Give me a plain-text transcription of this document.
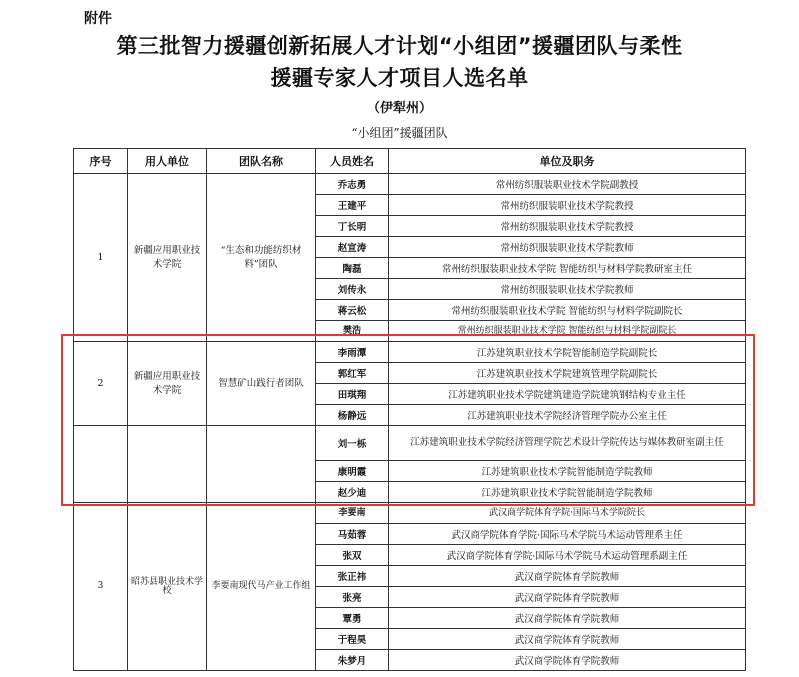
附件
第三批智力援疆创新拓展人才计划“小组团”援疆团队与柔性
援疆专家人才项目人选名单
（伊犁州）
“小组团”援疆团队
序号	用人单位	团队名称	人员姓名	单位及职务
1	新疆应用职业技术学院	“生态和功能纺织材料”团队	乔志勇	常州纺织服装职业技术学院副教授
			王建平	常州纺织服装职业技术学院教授
			丁长明	常州纺织服装职业技术学院教授
			赵宣涛	常州纺织服装职业技术学院教师
			陶磊	常州纺织服装职业技术学院 智能纺织与材料学院教研室主任
			刘传永	常州纺织服装职业技术学院教师
			蒋云松	常州纺织服装职业技术学院 智能纺织与材料学院副院长
			樊浩	常州纺织服装职业技术学院 智能纺织与材料学院副院长
2	新疆应用职业技术学院	智慧矿山践行者团队	李雨潭	江苏建筑职业技术学院智能制造学院副院长
			郭红军	江苏建筑职业技术学院建筑管理学院副院长
			田琪翔	江苏建筑职业技术学院建筑建造学院建筑钢结构专业主任
			杨静远	江苏建筑职业技术学院经济管理学院办公室主任
			刘一栎	江苏建筑职业技术学院经济管理学院艺术设计学院传达与媒体教研室副主任
			康明霞	江苏建筑职业技术学院智能制造学院教师
			赵少迪	江苏建筑职业技术学院智能制造学院教师
3	昭苏县职业技术学校	李要南现代马产业工作组	李要南	武汉商学院体育学院·国际马术学院院长
			马茹蓉	武汉商学院体育学院·国际马术学院马术运动管理系主任
			张双	武汉商学院体育学院·国际马术学院马术运动管理系副主任
			张正祎	武汉商学院体育学院教师
			张亮	武汉商学院体育学院教师
			覃勇	武汉商学院体育学院教师
			于程昊	武汉商学院体育学院教师
			朱梦月	武汉商学院体育学院教师
